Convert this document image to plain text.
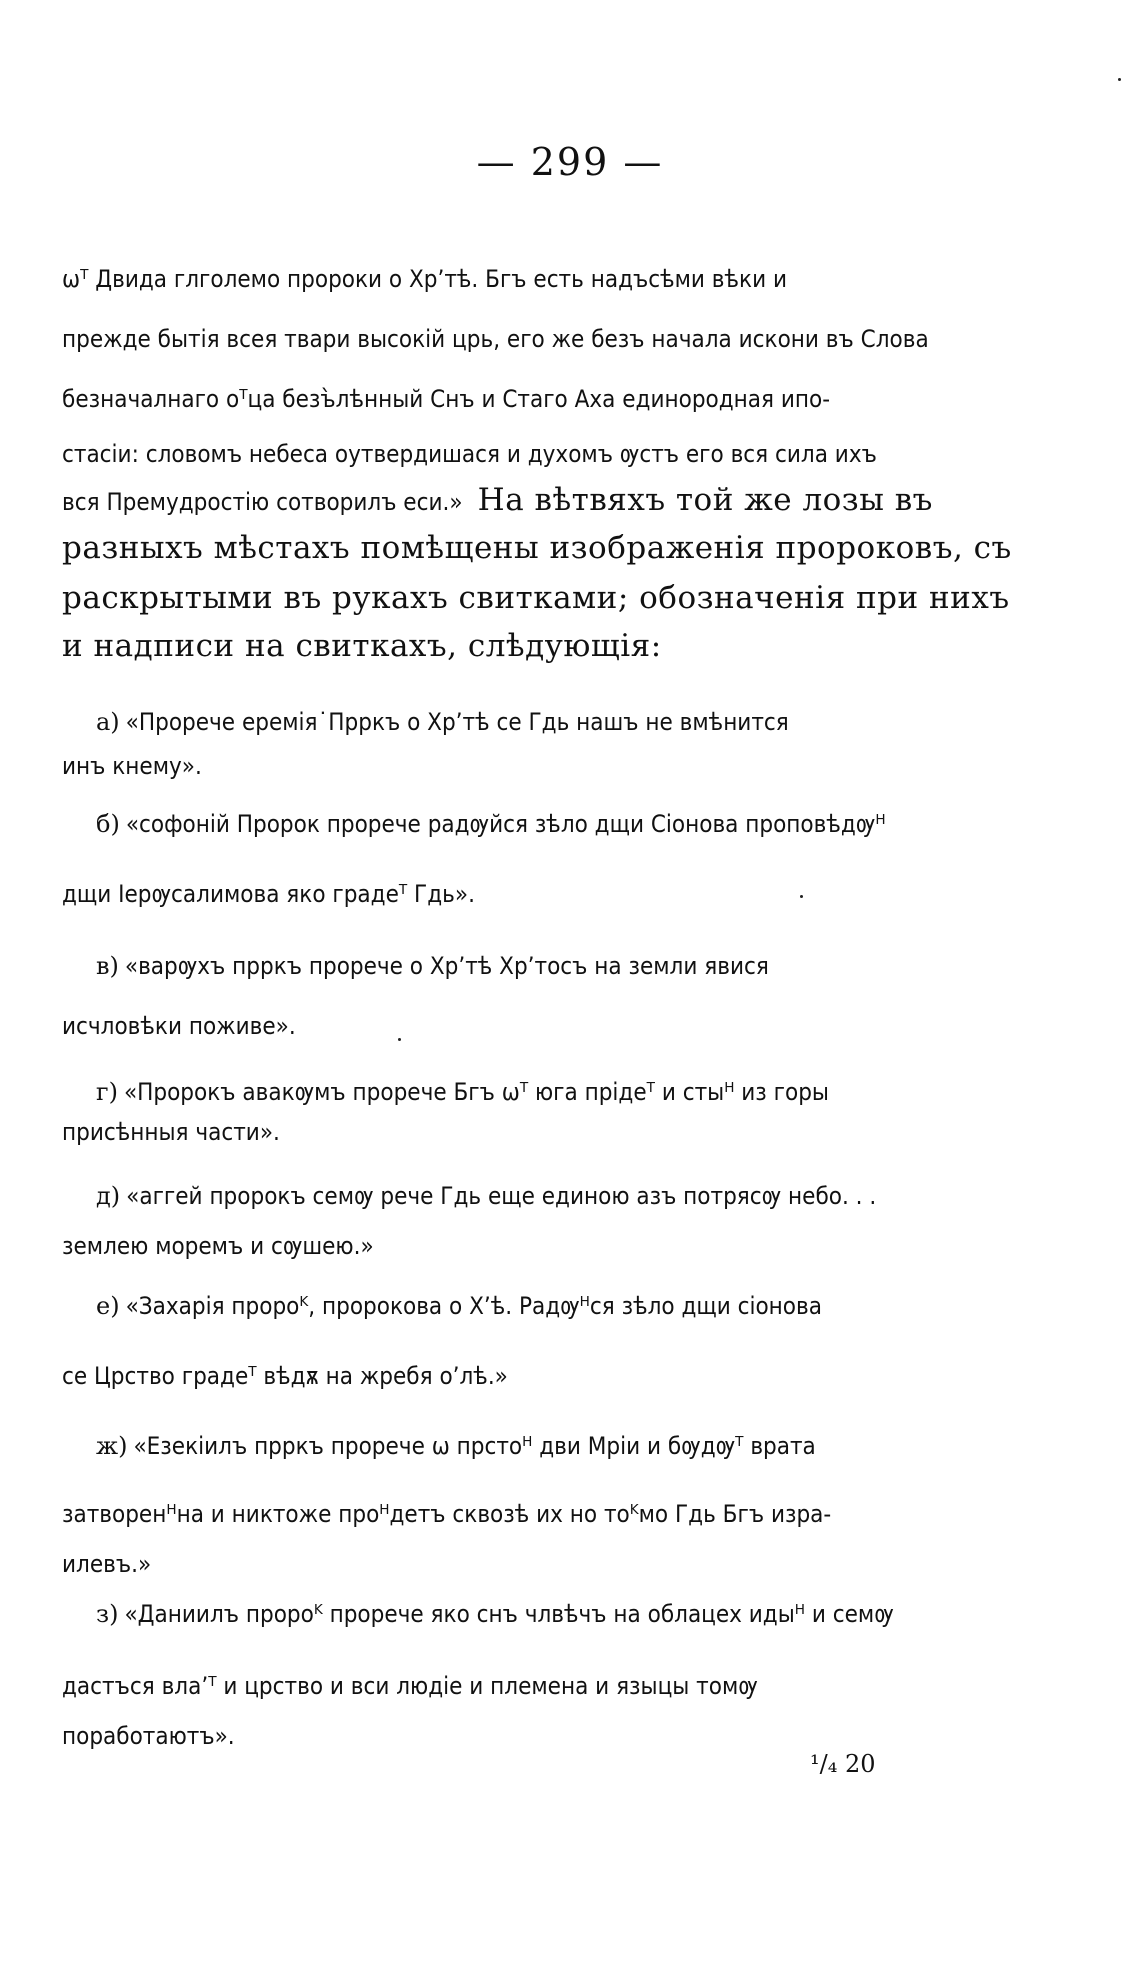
— 299 —
ωᵀ Двида глголемо пророки о Хрʼтѣ. Бгъ есть надъсѣми вѣки и
прежде бытiя всея твари высокiй црь, его же безъ начала искони въ Слова
безначалнаго оᵀца безъ̀лѣнный Снъ и Стаго Аха единородная ипо-
стасiи: словомъ небеса оутвердишася и духомъ ѹстъ его вся сила ихъ
вся Премудростiю сотворилъ еси.» На вѣтвяхъ той же лозы въ
разныхъ мѣстахъ помѣщены изображенiя пророковъ, съ
раскрытыми въ рукахъ свитками; обозначенiя при нихъ
и надписи на свиткахъ, слѣдующiя:
а) «Прорече еремiя˙Прркъ о Хрʼтѣ се Гдь нашъ не вмѣнится
инъ кнему».
б) «софонiй Пророк прорече радѹйся зѣло дщи Сiонова проповѣдѹᴴ
дщи Iерѹсалимова яко градеᵀ Гдь».
в) «варѹхъ прркъ прорече о Хрʼтѣ Хрʼтосъ на земли явися
исчловѣки поживе».
г) «Пророкъ авакѹмъ прорече Бгъ ωᵀ юга прiдеᵀ и стыᴴ из горы
присѣнныя части».
д) «аггей пророкъ семѹ рече Гдь еще единою азъ потрясѹ небо. . .
землею моремъ и сѹшею.»
е) «Захарiя пророᴷ, пророкова о Хʼѣ. Радѹᴴся зѣло дщи сiонова
се Црство градеᵀ вѣдѫ на жребя оʼлѣ.»
ж) «Езекiилъ прркъ прорече ω прстоᴴ дви Мрiи и бѹдѹᵀ врата
затворенᴴна и никтоже проᴴдетъ сквозѣ их но тоᴷмо Гдь Бгъ изра-
илевъ.»
з) «Даниилъ пророᴷ прорече яко снъ члвѣчъ на облацех идыᴴ и семѹ
дастъся влаʼᵀ и црство и вси людiе и племена и языцы томѹ
поработаютъ».
¹/₄ 20
